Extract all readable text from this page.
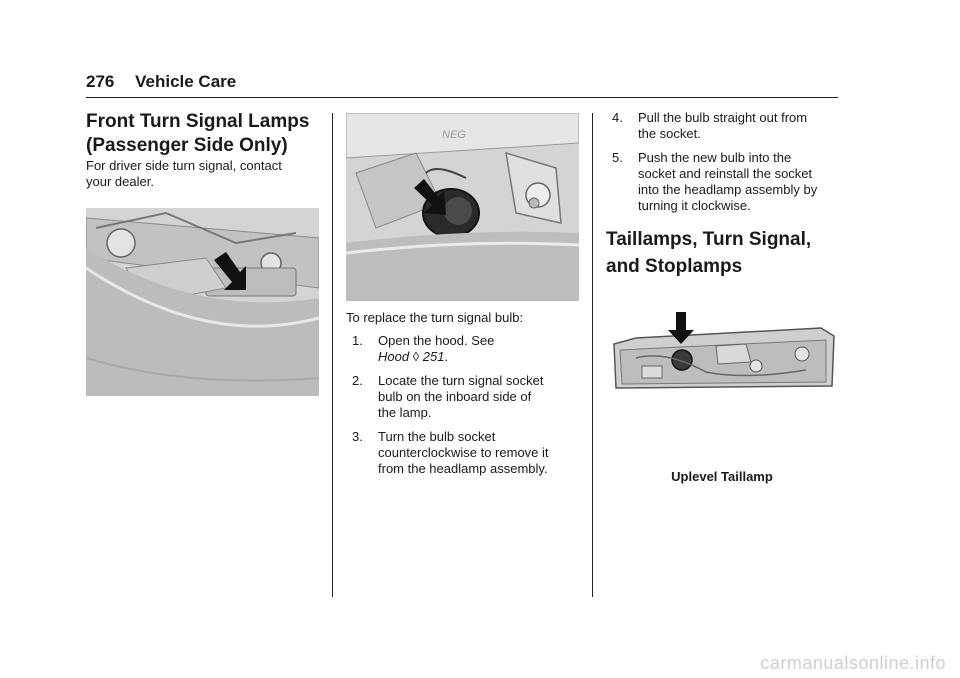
276 Vehicle Care
Front Turn Signal Lamps
(Passenger Side Only)
For driver side turn signal, contact
your dealer.
NEG
To replace the turn signal bulb:
1. Open the hood. See
Hood ◊ 251.
2. Locate the turn signal socket
bulb on the inboard side of
the lamp.
3. Turn the bulb socket
counterclockwise to remove it
from the headlamp assembly.
4. Pull the bulb straight out from
the socket.
5. Push the new bulb into the
socket and reinstall the socket
into the headlamp assembly by
turning it clockwise.
Taillamps, Turn Signal,
and Stoplamps
Uplevel Taillamp
carmanualsonline.info
